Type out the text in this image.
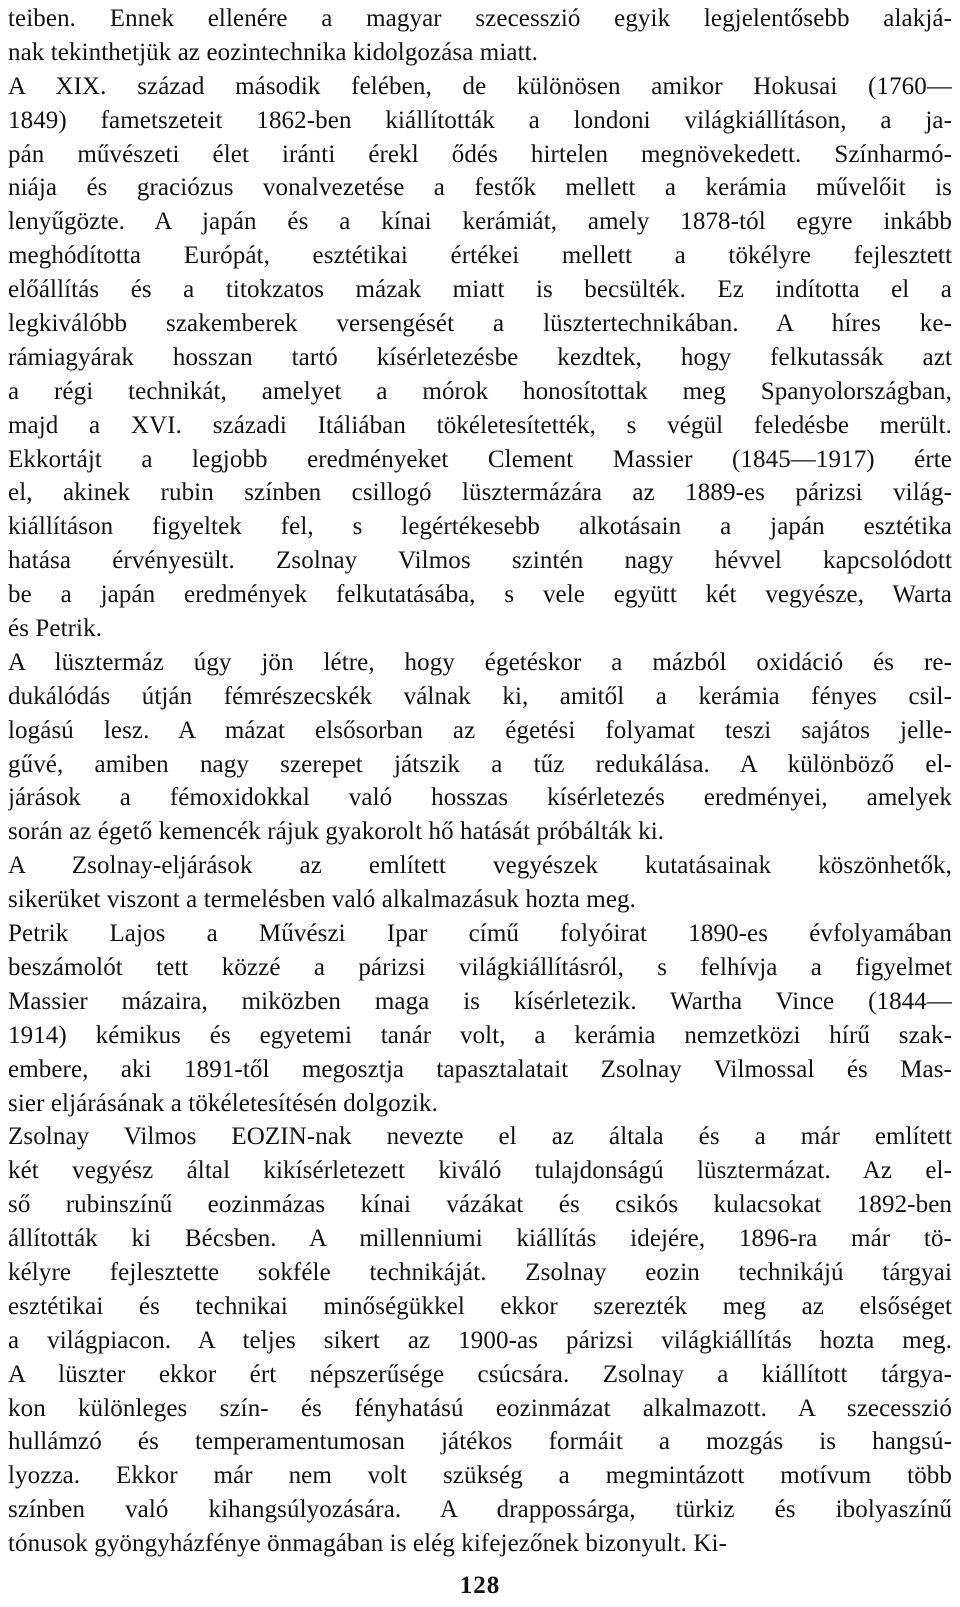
teiben. Ennek ellenére a magyar szecesszió egyik legjelentősebb alakjá-
nak tekinthetjük az eozintechnika kidolgozása miatt.
A XIX. század második felében, de különösen amikor Hokusai (1760—
1849) fametszeteit 1862-ben kiállították a londoni világkiállításon, a ja-
pán művészeti élet iránti érekl ődés hirtelen megnövekedett. Színharmó-
niája és graciózus vonalvezetése a festők mellett a kerámia művelőit is
lenyűgözte. A japán és a kínai kerámiát, amely 1878-tól egyre inkább
meghódította Európát, esztétikai értékei mellett a tökélyre fejlesztett
előállítás és a titokzatos mázak miatt is becsülték. Ez indította el a
legkiválóbb szakemberek versengését a lüsztertechnikában. A híres ke-
rámiagyárak hosszan tartó kísérletezésbe kezdtek, hogy felkutassák azt
a régi technikát, amelyet a mórok honosítottak meg Spanyolországban,
majd a XVI. századi Itáliában tökéletesítették, s végül feledésbe merült.
Ekkortájt a legjobb eredményeket Clement Massier (1845—1917) érte
el, akinek rubin színben csillogó lüsztermázára az 1889-es párizsi világ-
kiállításon figyeltek fel, s legértékesebb alkotásain a japán esztétika
hatása érvényesült. Zsolnay Vilmos szintén nagy hévvel kapcsolódott
be a japán eredmények felkutatásába, s vele együtt két vegyésze, Warta
és Petrik.
A lüsztermáz úgy jön létre, hogy égetéskor a mázból oxidáció és re-
dukálódás útján fémrészecskék válnak ki, amitől a kerámia fényes csil-
logású lesz. A mázat elsősorban az égetési folyamat teszi sajátos jelle-
gűvé, amiben nagy szerepet játszik a tűz redukálása. A különböző el-
járások a fémoxidokkal való hosszas kísérletezés eredményei, amelyek
során az égető kemencék rájuk gyakorolt hő hatását próbálták ki.
A Zsolnay-eljárások az említett vegyészek kutatásainak köszönhetők,
sikerüket viszont a termelésben való alkalmazásuk hozta meg.
Petrik Lajos a Művészi Ipar című folyóirat 1890-es évfolyamában
beszámolót tett közzé a párizsi világkiállításról, s felhívja a figyelmet
Massier mázaira, miközben maga is kísérletezik. Wartha Vince (1844—
1914) kémikus és egyetemi tanár volt, a kerámia nemzetközi hírű szak-
embere, aki 1891-től megosztja tapasztalatait Zsolnay Vilmossal és Mas-
sier eljárásának a tökéletesítésén dolgozik.
Zsolnay Vilmos EOZIN-nak nevezte el az általa és a már említett
két vegyész által kikísérletezett kiváló tulajdonságú lüsztermázat. Az el-
ső rubinszínű eozinmázas kínai vázákat és csikós kulacsokat 1892-ben
állították ki Bécsben. A millenniumi kiállítás idejére, 1896-ra már tö-
kélyre fejlesztette sokféle technikáját. Zsolnay eozin technikájú tárgyai
esztétikai és technikai minőségükkel ekkor szerezték meg az elsőséget
a világpiacon. A teljes sikert az 1900-as párizsi világkiállítás hozta meg.
A lüszter ekkor ért népszerűsége csúcsára. Zsolnay a kiállított tárgya-
kon különleges szín- és fényhatású eozinmázat alkalmazott. A szecesszió
hullámzó és temperamentumosan játékos formáit a mozgás is hangsú-
lyozza. Ekkor már nem volt szükség a megmintázott motívum több
színben való kihangsúlyozására. A drappossárga, türkiz és ibolyaszínű
tónusok gyöngyházfénye önmagában is elég kifejezőnek bizonyult. Ki-
128
